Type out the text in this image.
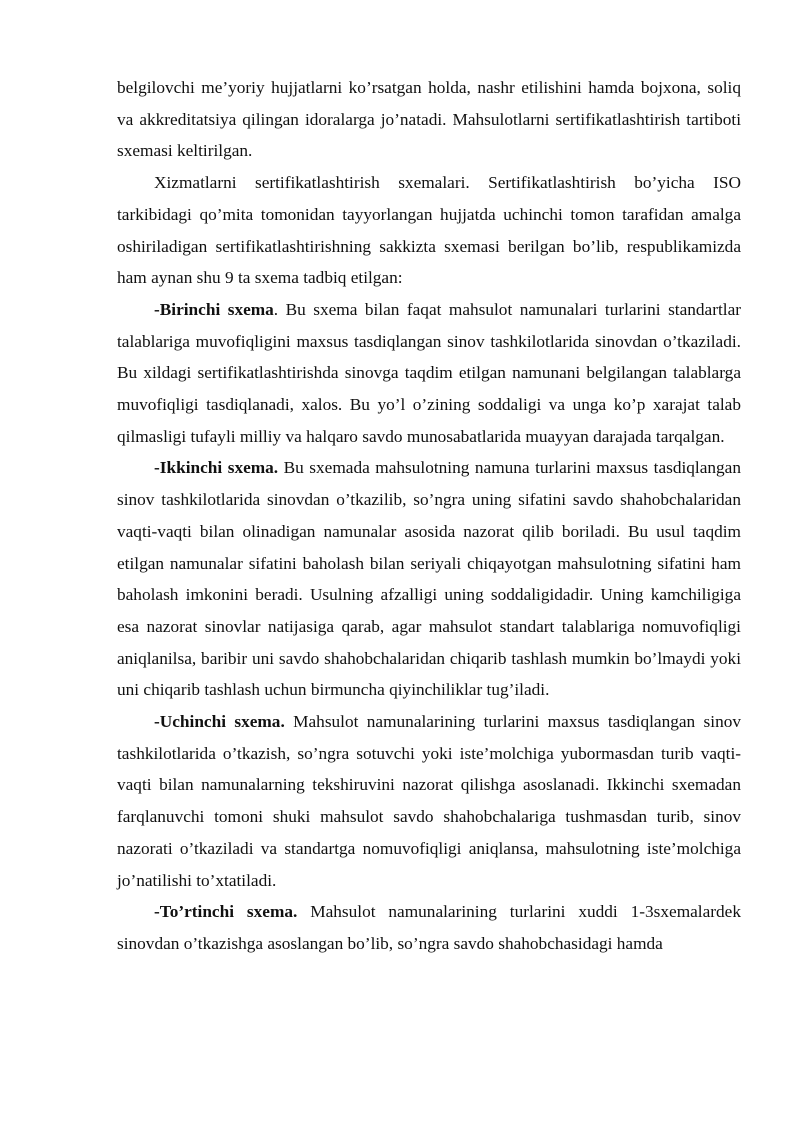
belgilovchi me’yoriy hujjatlarni ko’rsatgan holda, nashr etilishini hamda bojxona, soliq va akkreditatsiya qilingan idoralarga jo’natadi. Mahsulotlarni sertifikatlashtirish tartiboti sxemasi keltirilgan.

Xizmatlarni sertifikatlashtirish sxemalari. Sertifikatlashtirish bo’yicha ISO tarkibidagi qo’mita tomonidan tayyorlangan hujjatda uchinchi tomon tarafidan amalga oshiriladigan sertifikatlashtirishning sakkizta sxemasi berilgan bo’lib, respublikamizda ham aynan shu 9 ta sxema tadbiq etilgan:

-Birinchi sxema. Bu sxema bilan faqat mahsulot namunalari turlarini standartlar talablariga muvofiqligini maxsus tasdiqlangan sinov tashkilotlarida sinovdan o’tkaziladi. Bu xildagi sertifikatlashtirishda sinovga taqdim etilgan namunani belgilangan talablarga muvofiqligi tasdiqlanadi, xalos. Bu yo’l o’zining soddaligi va unga ko’p xarajat talab qilmasligi tufayli milliy va halqaro savdo munosabatlarida muayyan darajada tarqalgan.

-Ikkinchi sxema. Bu sxemada mahsulotning namuna turlarini maxsus tasdiqlangan sinov tashkilotlarida sinovdan o’tkazilib, so’ngra uning sifatini savdo shahobchalaridan vaqti-vaqti bilan olinadigan namunalar asosida nazorat qilib boriladi. Bu usul taqdim etilgan namunalar sifatini baholash bilan seriyali chiqayotgan mahsulotning sifatini ham baholash imkonini beradi. Usulning afzalligi uning soddaligidadir. Uning kamchiligiga esa nazorat sinovlar natijasiga qarab, agar mahsulot standart talablariga nomuvofiqligi aniqlanilsa, baribir uni savdo shahobchalaridan chiqarib tashlash mumkin bo’lmaydi yoki uni chiqarib tashlash uchun birmuncha qiyinchiliklar tug’iladi.

-Uchinchi sxema. Mahsulot namunalarining turlarini maxsus tasdiqlangan sinov tashkilotlarida o’tkazish, so’ngra sotuvchi yoki iste’molchiga yubormasdan turib vaqti-vaqti bilan namunalarning tekshiruvini nazorat qilishga asoslanadi. Ikkinchi sxemadan farqlanuvchi tomoni shuki mahsulot savdo shahobchalariga tushmasdan turib, sinov nazorati o’tkaziladi va standartga nomuvofiqligi aniqlansa, mahsulotning iste’molchiga jo’natilishi to’xtatiladi.

-To’rtinchi sxema. Mahsulot namunalarining turlarini xuddi 1-3sxemalardek sinovdan o’tkazishga asoslangan bo’lib, so’ngra savdo shahobchasidagi hamda
